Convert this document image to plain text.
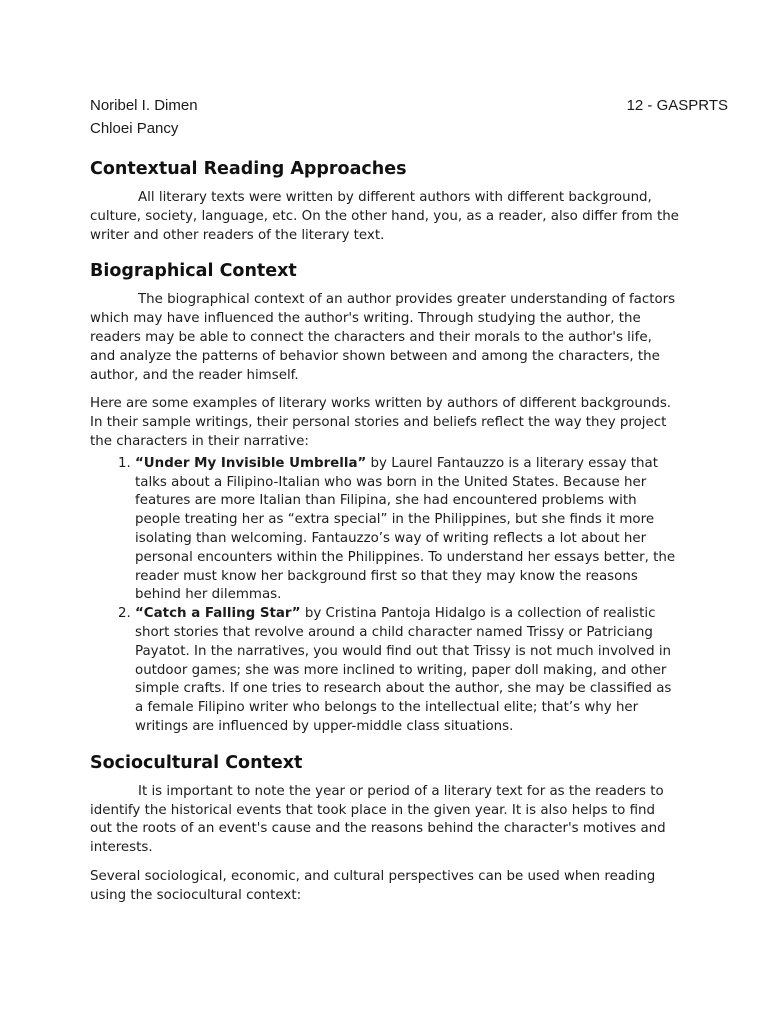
Noribel I. Dimen
Chloei Pancy
12 - GASPRTS
Contextual Reading Approaches

All literary texts were written by different authors with different background, culture, society, language, etc. On the other hand, you, as a reader, also differ from the writer and other readers of the literary text.

Biographical Context

The biographical context of an author provides greater understanding of factors which may have influenced the author's writing. Through studying the author, the readers may be able to connect the characters and their morals to the author's life, and analyze the patterns of behavior shown between and among the characters, the author, and the reader himself.

Here are some examples of literary works written by authors of different backgrounds. In their sample writings, their personal stories and beliefs reflect the way they project the characters in their narrative:

1. “Under My Invisible Umbrella” by Laurel Fantauzzo is a literary essay that talks about a Filipino-Italian who was born in the United States. Because her features are more Italian than Filipina, she had encountered problems with people treating her as “extra special” in the Philippines, but she finds it more isolating than welcoming. Fantauzzo’s way of writing reflects a lot about her personal encounters within the Philippines. To understand her essays better, the reader must know her background first so that they may know the reasons behind her dilemmas.
2. “Catch a Falling Star” by Cristina Pantoja Hidalgo is a collection of realistic short stories that revolve around a child character named Trissy or Patriciang Payatot. In the narratives, you would find out that Trissy is not much involved in outdoor games; she was more inclined to writing, paper doll making, and other simple crafts. If one tries to research about the author, she may be classified as a female Filipino writer who belongs to the intellectual elite; that’s why her writings are influenced by upper-middle class situations.
Sociocultural Context

It is important to note the year or period of a literary text for as the readers to identify the historical events that took place in the given year. It is also helps to find out the roots of an event's cause and the reasons behind the character's motives and interests.

Several sociological, economic, and cultural perspectives can be used when reading using the sociocultural context:
